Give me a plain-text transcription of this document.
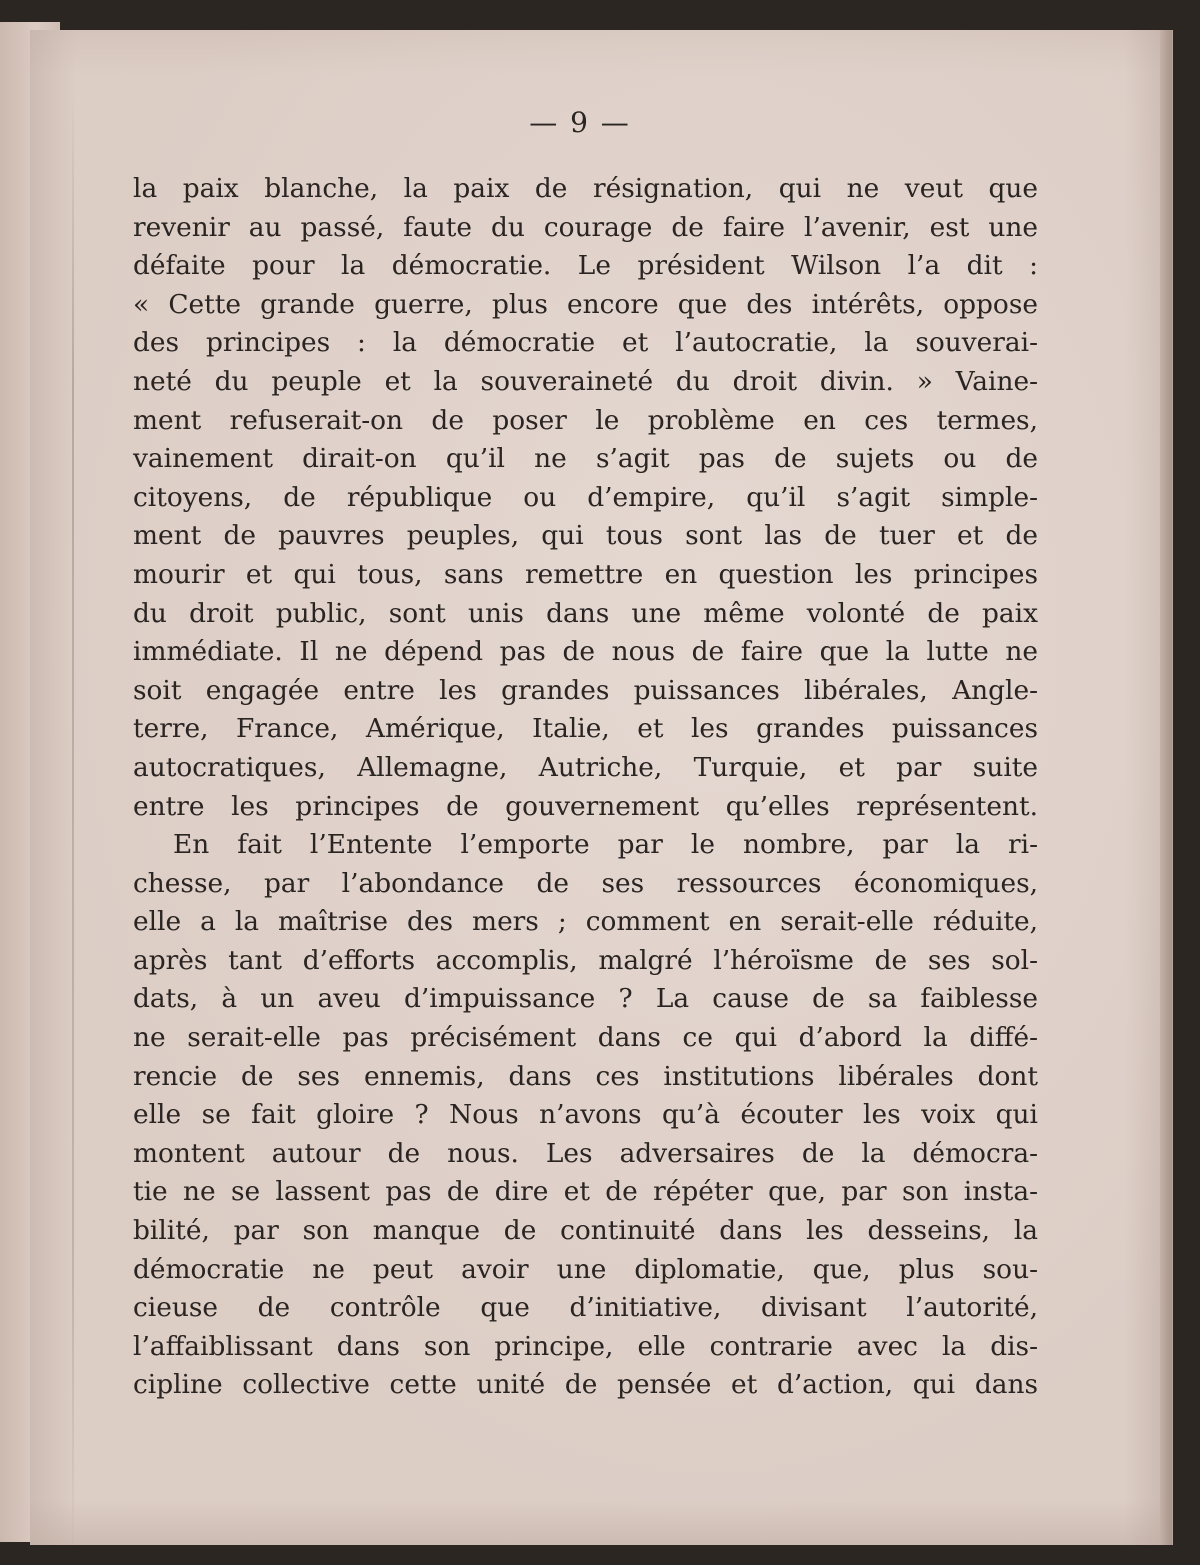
— 9 —
la paix blanche, la paix de résignation, qui ne veut que
revenir au passé, faute du courage de faire l’avenir, est une
défaite pour la démocratie. Le président Wilson l’a dit :
« Cette grande guerre, plus encore que des intérêts, oppose
des principes : la démocratie et l’autocratie, la souverai-
neté du peuple et la souveraineté du droit divin. » Vaine-
ment refuserait-on de poser le problème en ces termes,
vainement dirait-on qu’il ne s’agit pas de sujets ou de
citoyens, de république ou d’empire, qu’il s’agit simple-
ment de pauvres peuples, qui tous sont las de tuer et de
mourir et qui tous, sans remettre en question les principes
du droit public, sont unis dans une même volonté de paix
immédiate. Il ne dépend pas de nous de faire que la lutte ne
soit engagée entre les grandes puissances libérales, Angle-
terre, France, Amérique, Italie, et les grandes puissances
autocratiques, Allemagne, Autriche, Turquie, et par suite
entre les principes de gouvernement qu’elles représentent.
En fait l’Entente l’emporte par le nombre, par la ri-
chesse, par l’abondance de ses ressources économiques,
elle a la maîtrise des mers ; comment en serait-elle réduite,
après tant d’efforts accomplis, malgré l’héroïsme de ses sol-
dats, à un aveu d’impuissance ? La cause de sa faiblesse
ne serait-elle pas précisément dans ce qui d’abord la diffé-
rencie de ses ennemis, dans ces institutions libérales dont
elle se fait gloire ? Nous n’avons qu’à écouter les voix qui
montent autour de nous. Les adversaires de la démocra-
tie ne se lassent pas de dire et de répéter que, par son insta-
bilité, par son manque de continuité dans les desseins, la
démocratie ne peut avoir une diplomatie, que, plus sou-
cieuse de contrôle que d’initiative, divisant l’autorité,
l’affaiblissant dans son principe, elle contrarie avec la dis-
cipline collective cette unité de pensée et d’action, qui dans
